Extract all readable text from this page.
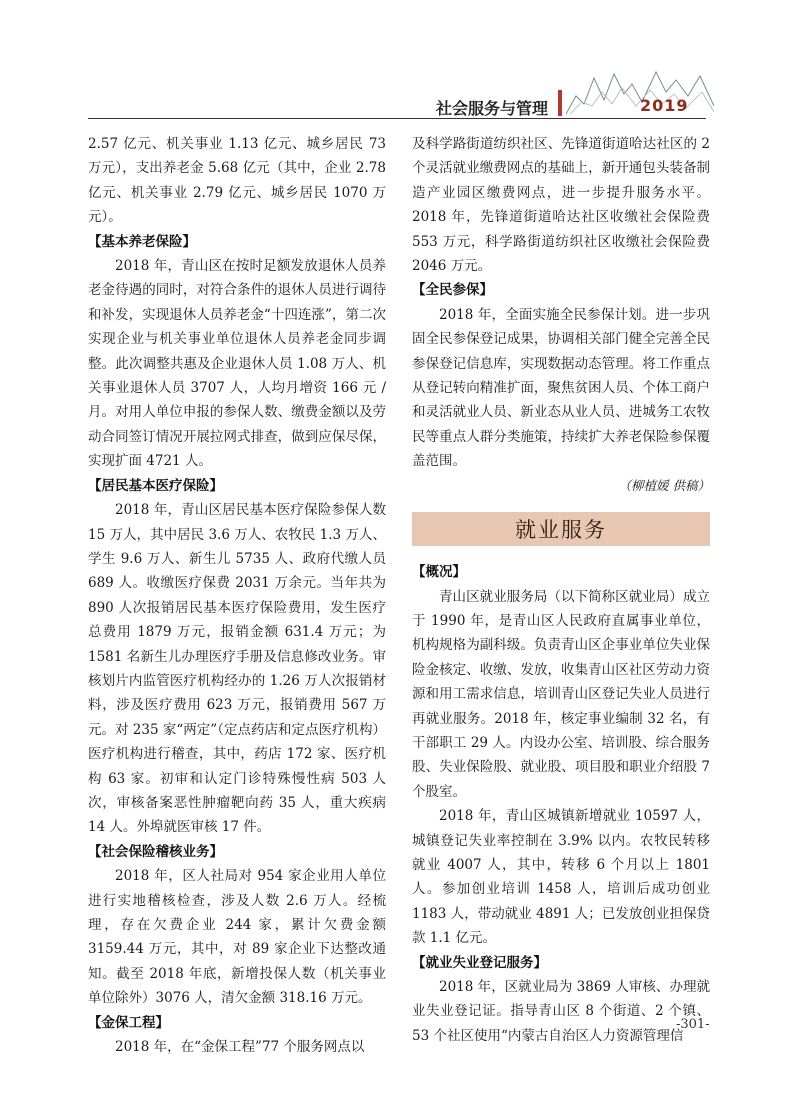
社会服务与管理	2019

2.57 亿元、机关事业 1.13 亿元、城乡居民 73 万元），支出养老金 5.68 亿元（其中，企业 2.78 亿元、机关事业 2.79 亿元、城乡居民 1070 万元）。

【基本养老保险】

2018 年，青山区在按时足额发放退休人员养老金待遇的同时，对符合条件的退休人员进行调待和补发，实现退休人员养老金“十四连涨”，第二次实现企业与机关事业单位退休人员养老金同步调整。此次调整共惠及企业退休人员 1.08 万人、机关事业退休人员 3707 人，人均月增资 166 元 / 月。对用人单位申报的参保人数、缴费金额以及劳动合同签订情况开展拉网式排查，做到应保尽保，实现扩面 4721 人。

【居民基本医疗保险】

2018 年，青山区居民基本医疗保险参保人数 15 万人，其中居民 3.6 万人、农牧民 1.3 万人、学生 9.6 万人、新生儿 5735 人、政府代缴人员 689 人。收缴医疗保费 2031 万余元。当年共为 890 人次报销居民基本医疗保险费用，发生医疗总费用 1879 万元，报销金额 631.4 万元；为 1581 名新生儿办理医疗手册及信息修改业务。审核划片内监管医疗机构经办的 1.26 万人次报销材料，涉及医疗费用 623 万元，报销费用 567 万元。对 235 家“两定”（定点药店和定点医疗机构）医疗机构进行稽查，其中，药店 172 家、医疗机构 63 家。初审和认定门诊特殊慢性病 503 人次，审核备案恶性肿瘤靶向药 35 人，重大疾病 14 人。外埠就医审核 17 件。

【社会保险稽核业务】

2018 年，区人社局对 954 家企业用人单位进行实地稽核检查，涉及人数 2.6 万人。经梳理，存在欠费企业 244 家，累计欠费金额 3159.44 万元，其中，对 89 家企业下达整改通知。截至 2018 年底，新增投保人数（机关事业单位除外）3076 人，清欠金额 318.16 万元。

【金保工程】

2018 年，在“金保工程”77 个服务网点以

及科学路街道纺织社区、先锋道街道哈达社区的 2 个灵活就业缴费网点的基础上，新开通包头装备制造产业园区缴费网点，进一步提升服务水平。2018 年，先锋道街道哈达社区收缴社会保险费 553 万元，科学路街道纺织社区收缴社会保险费 2046 万元。

【全民参保】

2018 年，全面实施全民参保计划。进一步巩固全民参保登记成果，协调相关部门健全完善全民参保登记信息库，实现数据动态管理。将工作重点从登记转向精准扩面，聚焦贫困人员、个体工商户和灵活就业人员、新业态从业人员、进城务工农牧民等重点人群分类施策，持续扩大养老保险参保覆盖范围。

（柳植媛 供稿）

就业服务

【概况】

青山区就业服务局（以下简称区就业局）成立于 1990 年，是青山区人民政府直属事业单位，机构规格为副科级。负责青山区企事业单位失业保险金核定、收缴、发放，收集青山区社区劳动力资源和用工需求信息，培训青山区登记失业人员进行再就业服务。2018 年，核定事业编制 32 名，有干部职工 29 人。内设办公室、培训股、综合服务股、失业保险股、就业股、项目股和职业介绍股 7 个股室。

2018 年，青山区城镇新增就业 10597 人，城镇登记失业率控制在 3.9% 以内。农牧民转移就业 4007 人，其中，转移 6 个月以上 1801 人。参加创业培训 1458 人，培训后成功创业 1183 人，带动就业 4891 人；已发放创业担保贷款 1.1 亿元。

【就业失业登记服务】

2018 年，区就业局为 3869 人审核、办理就业失业登记证。指导青山区 8 个街道、2 个镇、53 个社区使用“内蒙古自治区人力资源管理信

-301-
